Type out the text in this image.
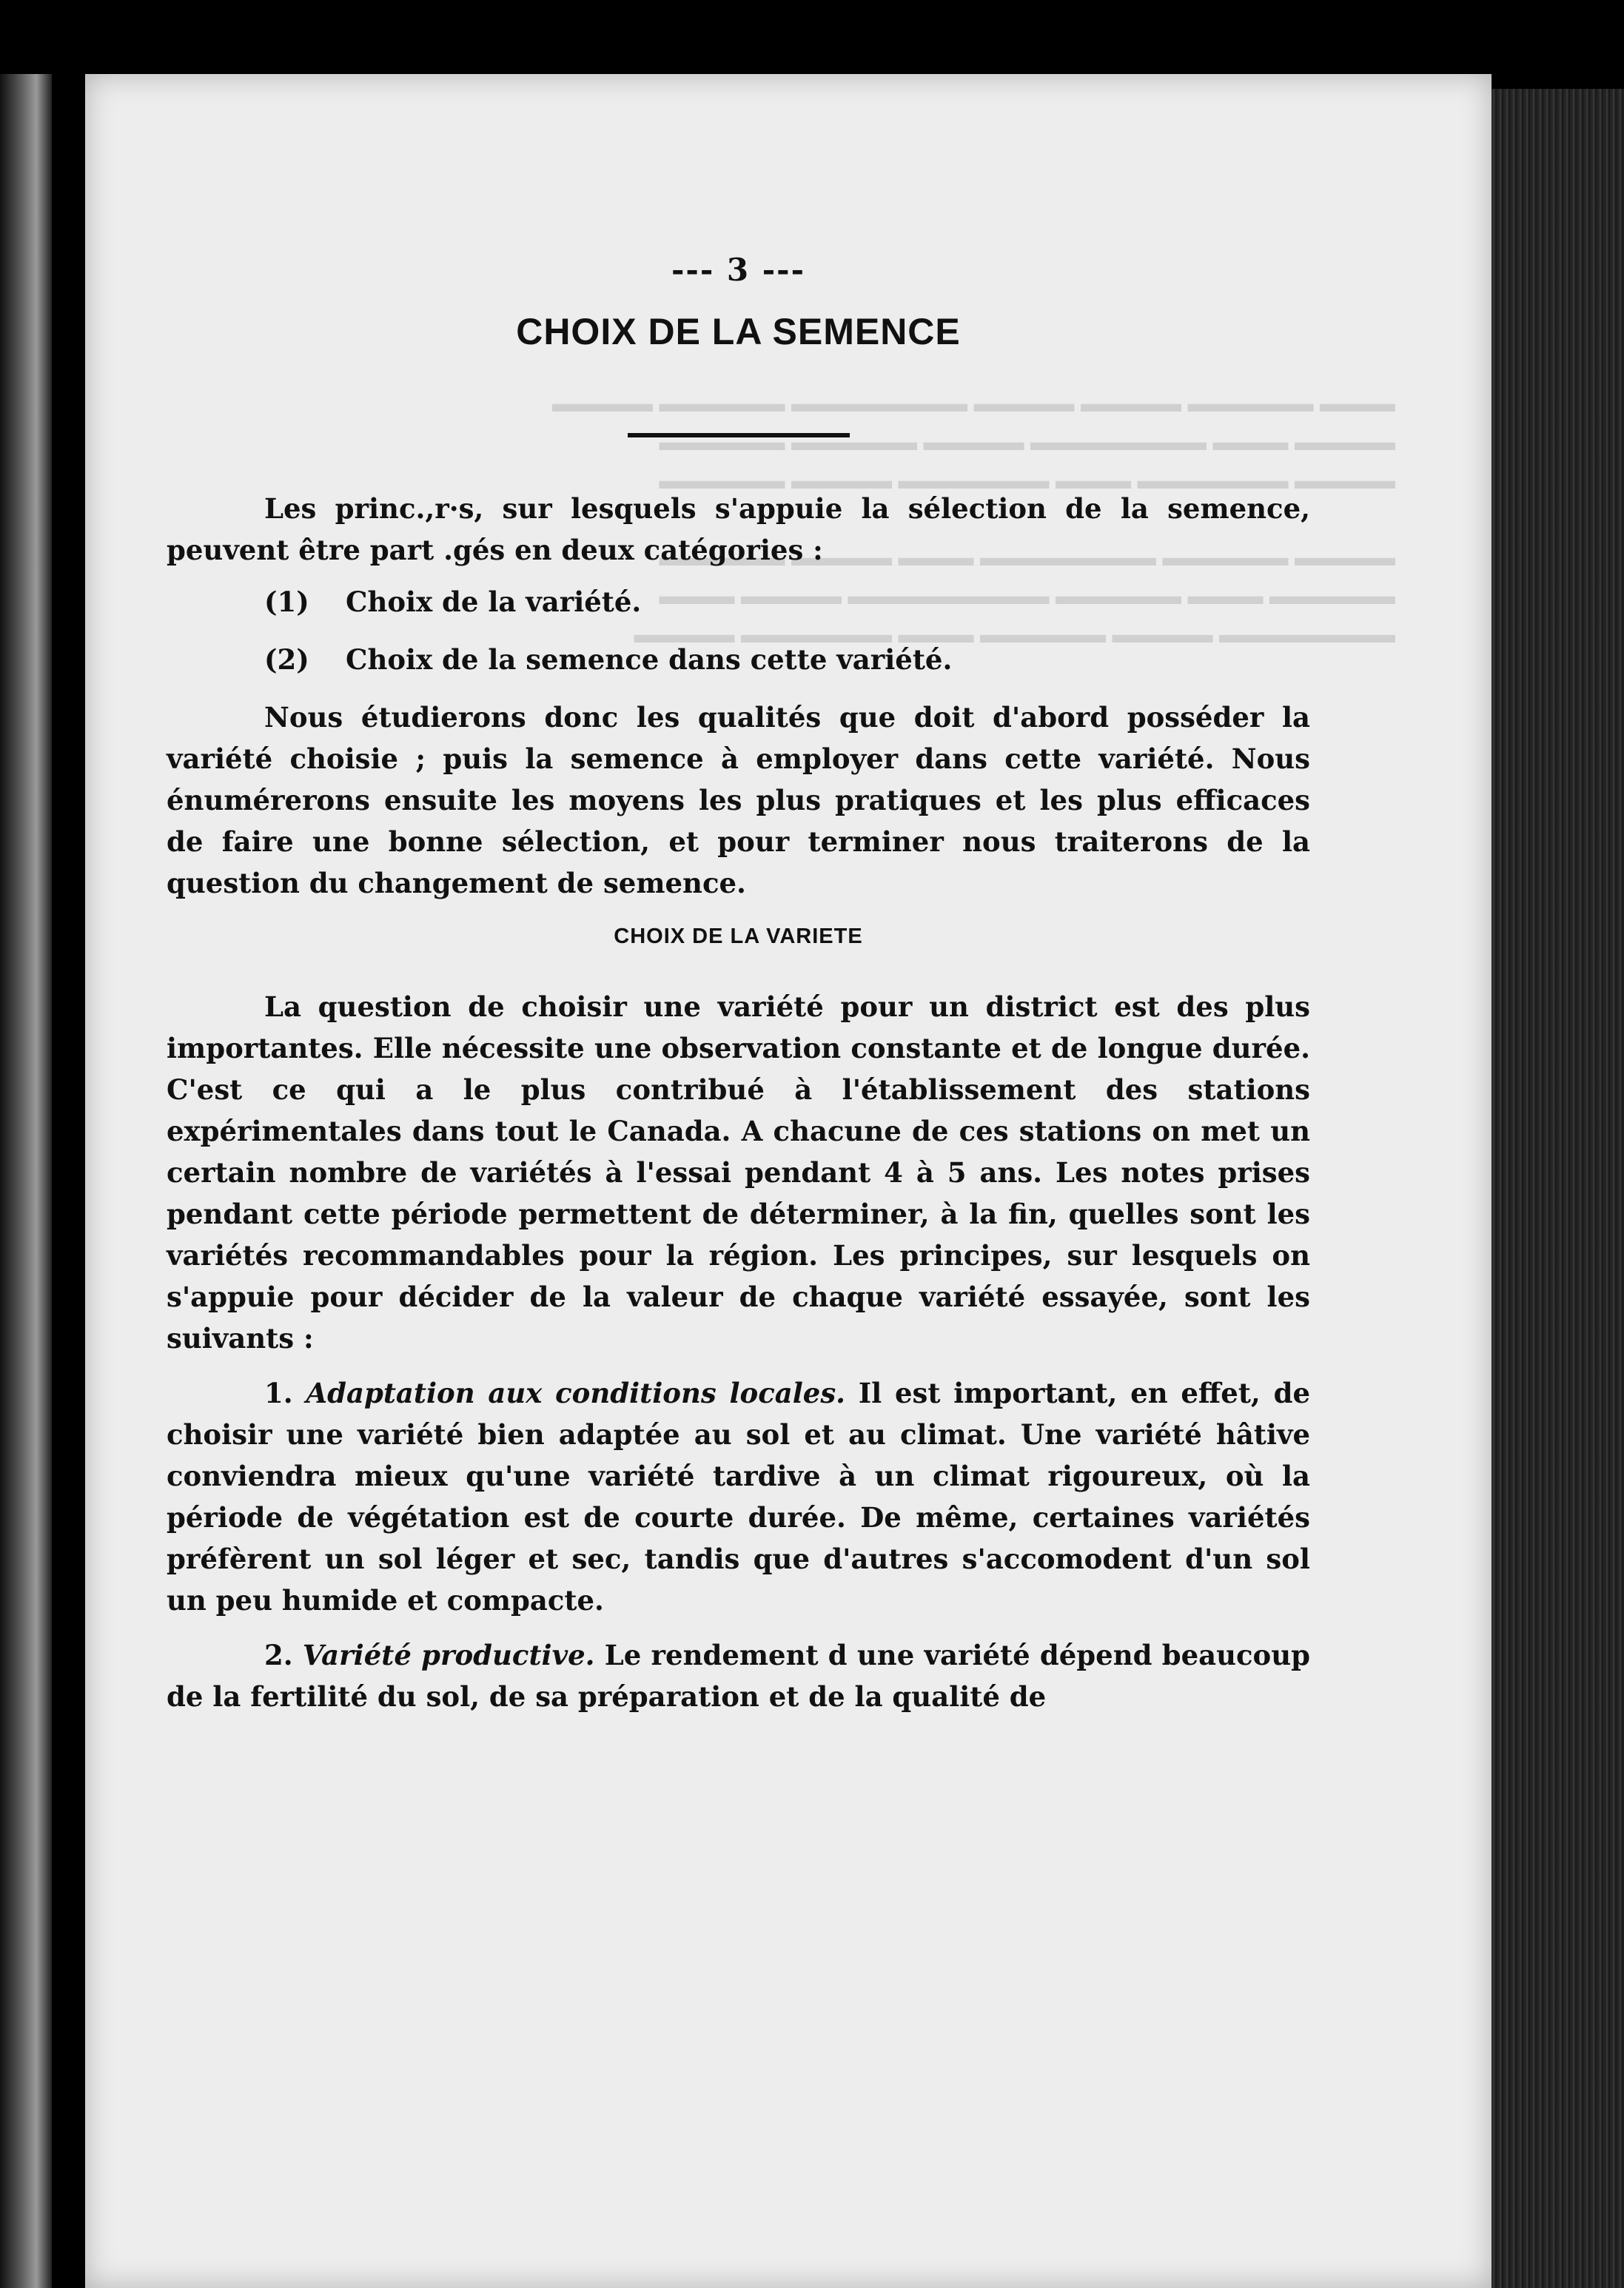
▬▬▬ ▬▬▬▬▬ ▬▬▬▬ ▬▬▬▬ ▬▬▬▬▬▬▬ ▬▬▬▬▬ ▬▬▬▬
▬▬▬▬ ▬▬▬ ▬▬▬▬▬▬▬ ▬▬▬▬ ▬▬▬▬▬ ▬▬▬▬▬
▬▬▬▬ ▬▬▬▬▬▬ ▬▬▬ ▬▬▬▬▬▬ ▬▬▬▬ ▬▬▬▬▬

▬▬▬▬ ▬▬▬▬▬ ▬▬▬▬▬▬▬ ▬▬▬ ▬▬▬▬ ▬▬▬▬▬
▬▬▬▬▬ ▬▬▬ ▬▬▬▬▬ ▬▬▬▬▬▬▬▬ ▬▬▬▬ ▬▬▬
▬▬▬▬▬▬▬ ▬▬▬▬ ▬▬▬▬▬ ▬▬▬ ▬▬▬▬▬▬ ▬▬▬▬
--- 3 ---
CHOIX DE LA SEMENCE

Les princ.,r·s, sur lesquels s'appuie la sélection de la semence, peuvent être part .gés en deux catégories :

(1) Choix de la variété.
(2) Choix de la semence dans cette variété.

Nous étudierons donc les qualités que doit d'abord posséder la variété choisie ; puis la semence à employer dans cette variété. Nous énumérerons ensuite les moyens les plus pratiques et les plus efficaces de faire une bonne sélection, et pour terminer nous traiterons de la question du changement de semence.

CHOIX DE LA VARIETE

La question de choisir une variété pour un district est des plus importantes. Elle nécessite une observation constante et de longue durée. C'est ce qui a le plus contribué à l'établissement des stations expérimentales dans tout le Canada. A chacune de ces stations on met un certain nombre de variétés à l'essai pendant 4 à 5 ans. Les notes prises pendant cette période permettent de déterminer, à la fin, quelles sont les variétés recommandables pour la région. Les principes, sur lesquels on s'appuie pour décider de la valeur de chaque variété essayée, sont les suivants :

1. Adaptation aux conditions locales. Il est important, en effet, de choisir une variété bien adaptée au sol et au climat. Une variété hâtive conviendra mieux qu'une variété tardive à un climat rigoureux, où la période de végétation est de courte durée. De même, certaines variétés préfèrent un sol léger et sec, tandis que d'autres s'accomodent d'un sol un peu humide et compacte.

2. Variété productive. Le rendement d une variété dépend beaucoup de la fertilité du sol, de sa préparation et de la qualité de
